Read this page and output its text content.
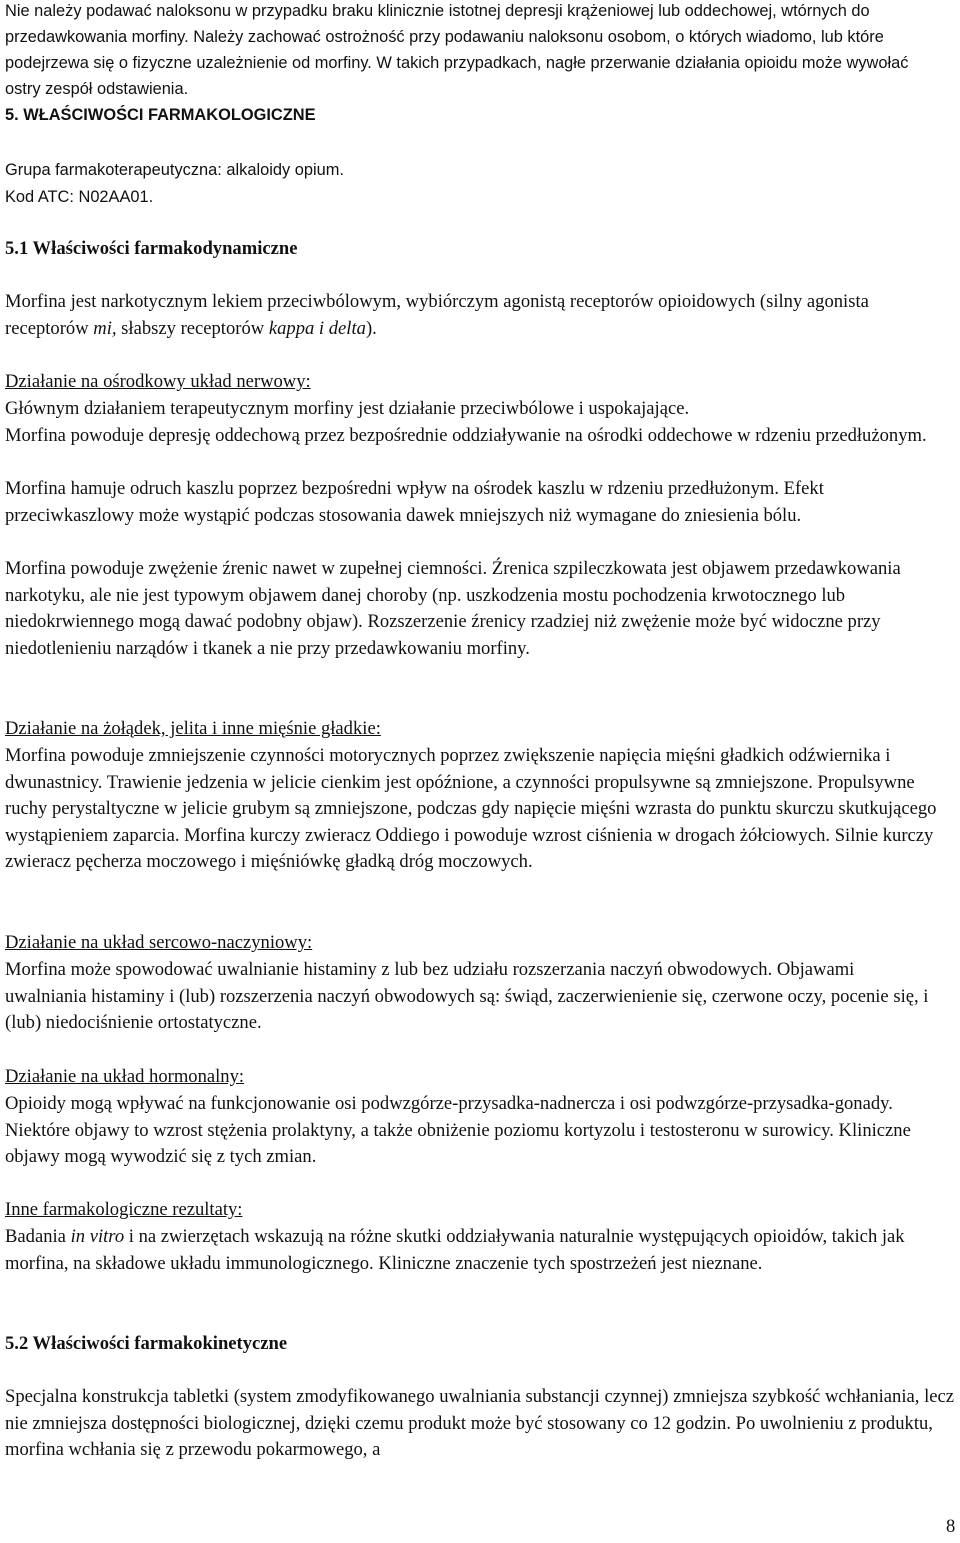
Nie należy podawać naloksonu w przypadku braku klinicznie istotnej depresji krążeniowej lub oddechowej, wtórnych do przedawkowania morfiny. Należy zachować ostrożność przy podawaniu naloksonu osobom, o których wiadomo, lub które podejrzewa się o fizyczne uzależnienie od morfiny. W takich przypadkach, nagłe przerwanie działania opioidu może wywołać ostry zespół odstawienia.

5. WŁAŚCIWOŚCI FARMAKOLOGICZNE

Grupa farmakoterapeutyczna: alkaloidy opium.

Kod ATC: N02AA01.

5.1 Właściwości farmakodynamiczne

Morfina jest narkotycznym lekiem przeciwbólowym, wybiórczym agonistą receptorów opioidowych (silny agonista receptorów mi, słabszy receptorów kappa i delta).

Działanie na ośrodkowy układ nerwowy:

Głównym działaniem terapeutycznym morfiny jest działanie przeciwbólowe i uspokajające.

Morfina powoduje depresję oddechową przez bezpośrednie oddziaływanie na ośrodki oddechowe w rdzeniu przedłużonym.

Morfina hamuje odruch kaszlu poprzez bezpośredni wpływ na ośrodek kaszlu w rdzeniu przedłużonym. Efekt przeciwkaszlowy może wystąpić podczas stosowania dawek mniejszych niż wymagane do zniesienia bólu.

Morfina powoduje zwężenie źrenic nawet w zupełnej ciemności. Źrenica szpileczkowata jest objawem przedawkowania narkotyku, ale nie jest typowym objawem danej choroby (np. uszkodzenia mostu pochodzenia krwotocznego lub niedokrwiennego mogą dawać podobny objaw). Rozszerzenie źrenicy rzadziej niż zwężenie może być widoczne przy niedotlenieniu narządów i tkanek a nie przy przedawkowaniu morfiny.

Działanie na żołądek, jelita i inne mięśnie gładkie:

Morfina powoduje zmniejszenie czynności motorycznych poprzez zwiększenie napięcia mięśni gładkich odźwiernika i dwunastnicy. Trawienie jedzenia w jelicie cienkim jest opóźnione, a czynności propulsywne są zmniejszone. Propulsywne ruchy perystaltyczne w jelicie grubym są zmniejszone, podczas gdy napięcie mięśni wzrasta do punktu skurczu skutkującego wystąpieniem zaparcia. Morfina kurczy zwieracz Oddiego i powoduje wzrost ciśnienia w drogach żółciowych. Silnie kurczy zwieracz pęcherza moczowego i mięśniówkę gładką dróg moczowych.

Działanie na układ sercowo-naczyniowy:

Morfina może spowodować uwalnianie histaminy z lub bez udziału rozszerzania naczyń obwodowych. Objawami uwalniania histaminy i (lub) rozszerzenia naczyń obwodowych są: świąd, zaczerwienienie się, czerwone oczy, pocenie się, i (lub) niedociśnienie ortostatyczne.

Działanie na układ hormonalny:

Opioidy mogą wpływać na funkcjonowanie osi podwzgórze-przysadka-nadnercza i osi podwzgórze-przysadka-gonady. Niektóre objawy to wzrost stężenia prolaktyny, a także obniżenie poziomu kortyzolu i testosteronu w surowicy. Kliniczne objawy mogą wywodzić się z tych zmian.

Inne farmakologiczne rezultaty:

Badania in vitro i na zwierzętach wskazują na różne skutki oddziaływania naturalnie występujących opioidów, takich jak morfina, na składowe układu immunologicznego. Kliniczne znaczenie tych spostrzeżeń jest nieznane.

5.2 Właściwości farmakokinetyczne

Specjalna konstrukcja tabletki (system zmodyfikowanego uwalniania substancji czynnej) zmniejsza szybkość wchłaniania, lecz nie zmniejsza dostępności biologicznej, dzięki czemu produkt może być stosowany co 12 godzin. Po uwolnieniu z produktu, morfina wchłania się z przewodu pokarmowego, a

8
